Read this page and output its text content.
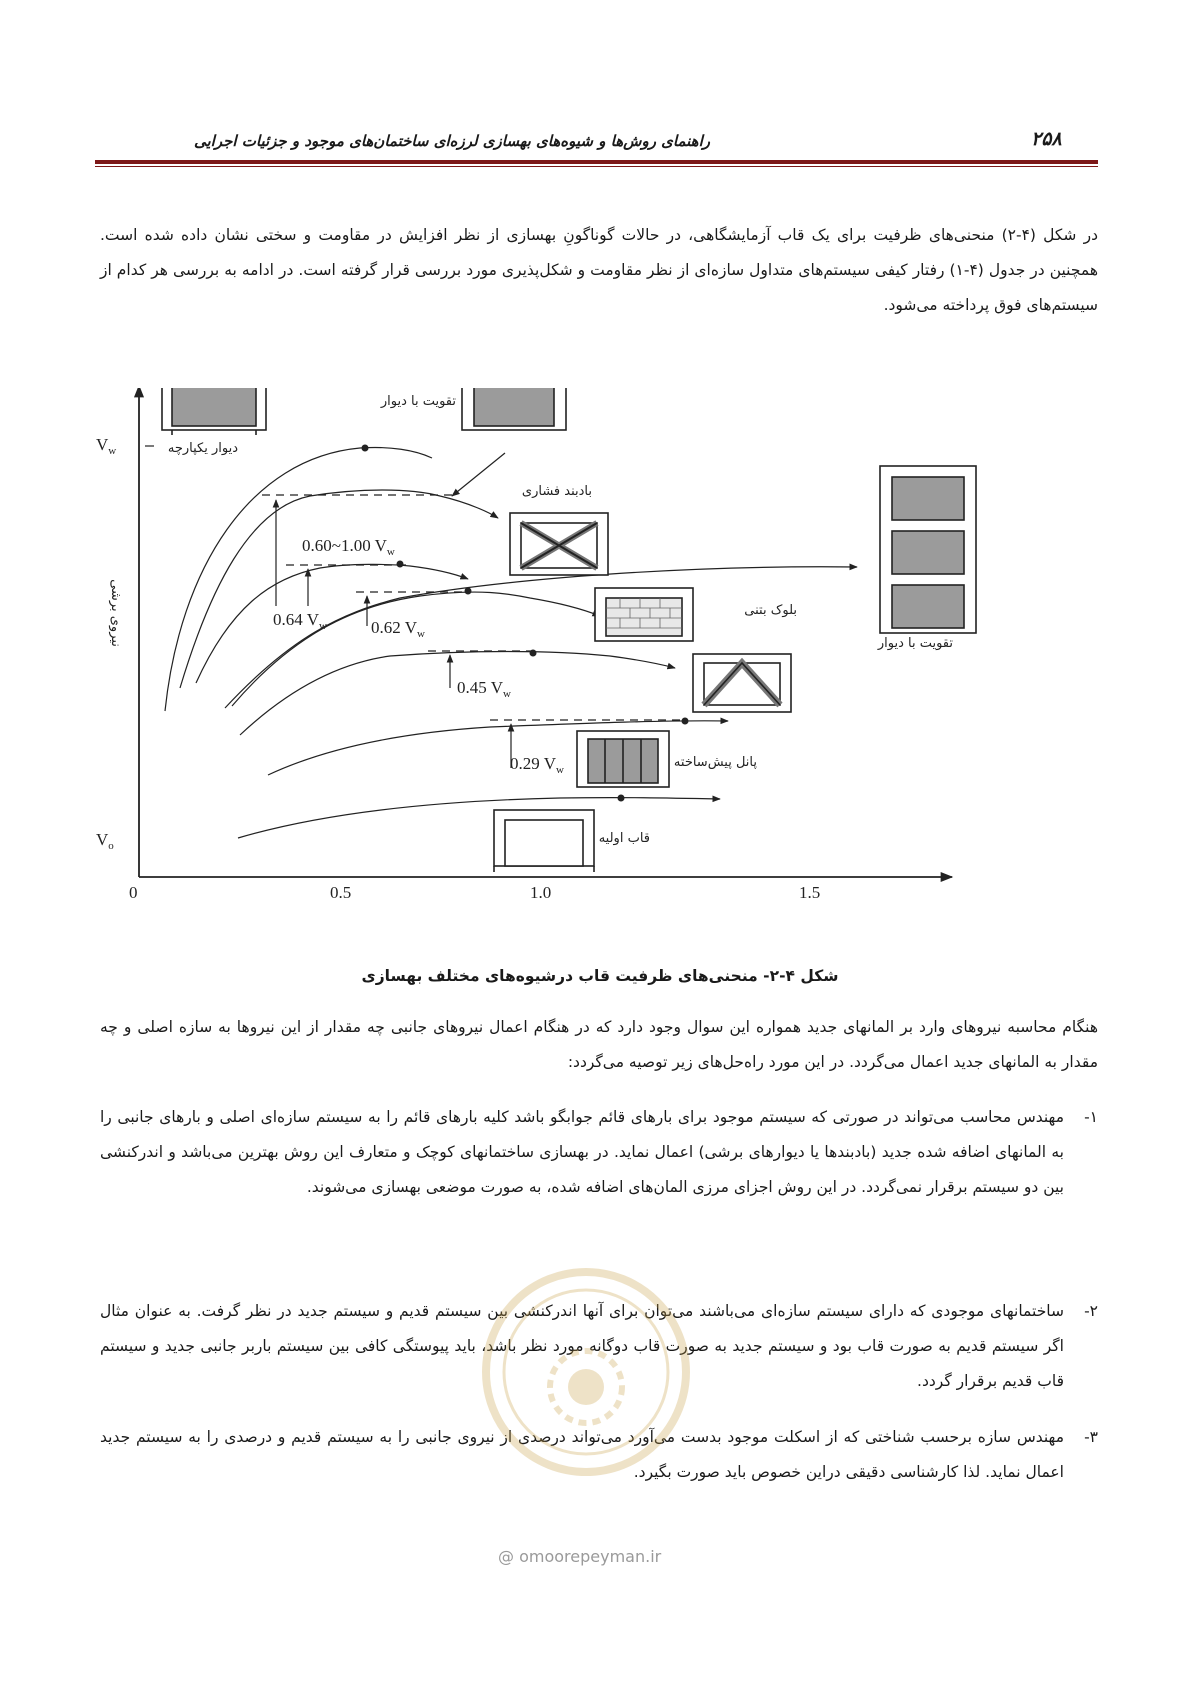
راهنمای روش‌ها و شیوه‌های بهسازی لرزه‌ای ساختمان‌های موجود و جزئیات اجرایی	۲۵۸
در شکل (۴-۲) منحنی‌های ظرفیت برای یک قاب آزمایشگاهی، در حالات گوناگونِ بهسازی از نظر افزایش در مقاومت و سختی نشان داده شده است. همچنین در جدول (۴-۱) رفتار کیفی سیستم‌های متداول سازه‌ای از نظر مقاومت و شکل‌پذیری مورد بررسی قرار گرفته است. در ادامه به بررسی هر کدام از سیستم‌های فوق پرداخته می‌شود.
نیروی برشی
$V_w$
$V_o$
0	0.5	1.0	1.5
0.60~1.00 $V_w$
0.64 $V_w$	0.62 $V_w$
0.45 $V_w$
0.29 $V_w$
دیوار یکپارچه
تقویت با دیوار
بادبند فشاری
بلوک بتنی
تقویت با دیوار
پانل پیش‌ساخته
قاب اولیه
شکل ۴-۲- منحنی‌های ظرفیت قاب درشیوه‌های مختلف بهسازی
هنگام محاسبه نیروهای وارد بر المانهای جدید همواره این سوال وجود دارد که در هنگام اعمال نیروهای جانبی چه مقدار از این نیروها به سازه اصلی و چه مقدار به المانهای جدید اعمال می‌گردد. در این مورد راه‌حل‌های زیر توصیه می‌گردد:
۱-
مهندس محاسب می‌تواند در صورتی که سیستم موجود برای بارهای قائم جوابگو باشد کلیه بارهای قائم را به سیستم سازه‌ای اصلی و بارهای جانبی را به المانهای اضافه شده جدید (بادبندها یا دیوارهای برشی) اعمال نماید. در بهسازی ساختمانهای کوچک و متعارف این روش بهترین می‌باشد و اندرکنشی بین دو سیستم برقرار نمی‌گردد. در این روش اجزای مرزی المان‌های اضافه شده، به صورت موضعی بهسازی می‌شوند.
۲-
ساختمانهای موجودی که دارای سیستم سازه‌ای می‌باشند می‌توان برای آنها اندرکنشی بین سیستم قدیم و سیستم جدید در نظر گرفت. به عنوان مثال اگر سیستم قدیم به صورت قاب بود و سیستم جدید به صورت قاب دوگانه مورد نظر باشد، باید پیوستگی کافی بین سیستم باربر جانبی جدید و سیستم قاب قدیم برقرار گردد.
۳-
مهندس سازه برحسب شناختی که از اسکلت موجود بدست می‌آورد می‌تواند درصدی از نیروی جانبی را به سیستم قدیم و درصدی را به سیستم جدید اعمال نماید. لذا کارشناسی دقیقی دراین خصوص باید صورت بگیرد.
@ omoorepeyman.ir
